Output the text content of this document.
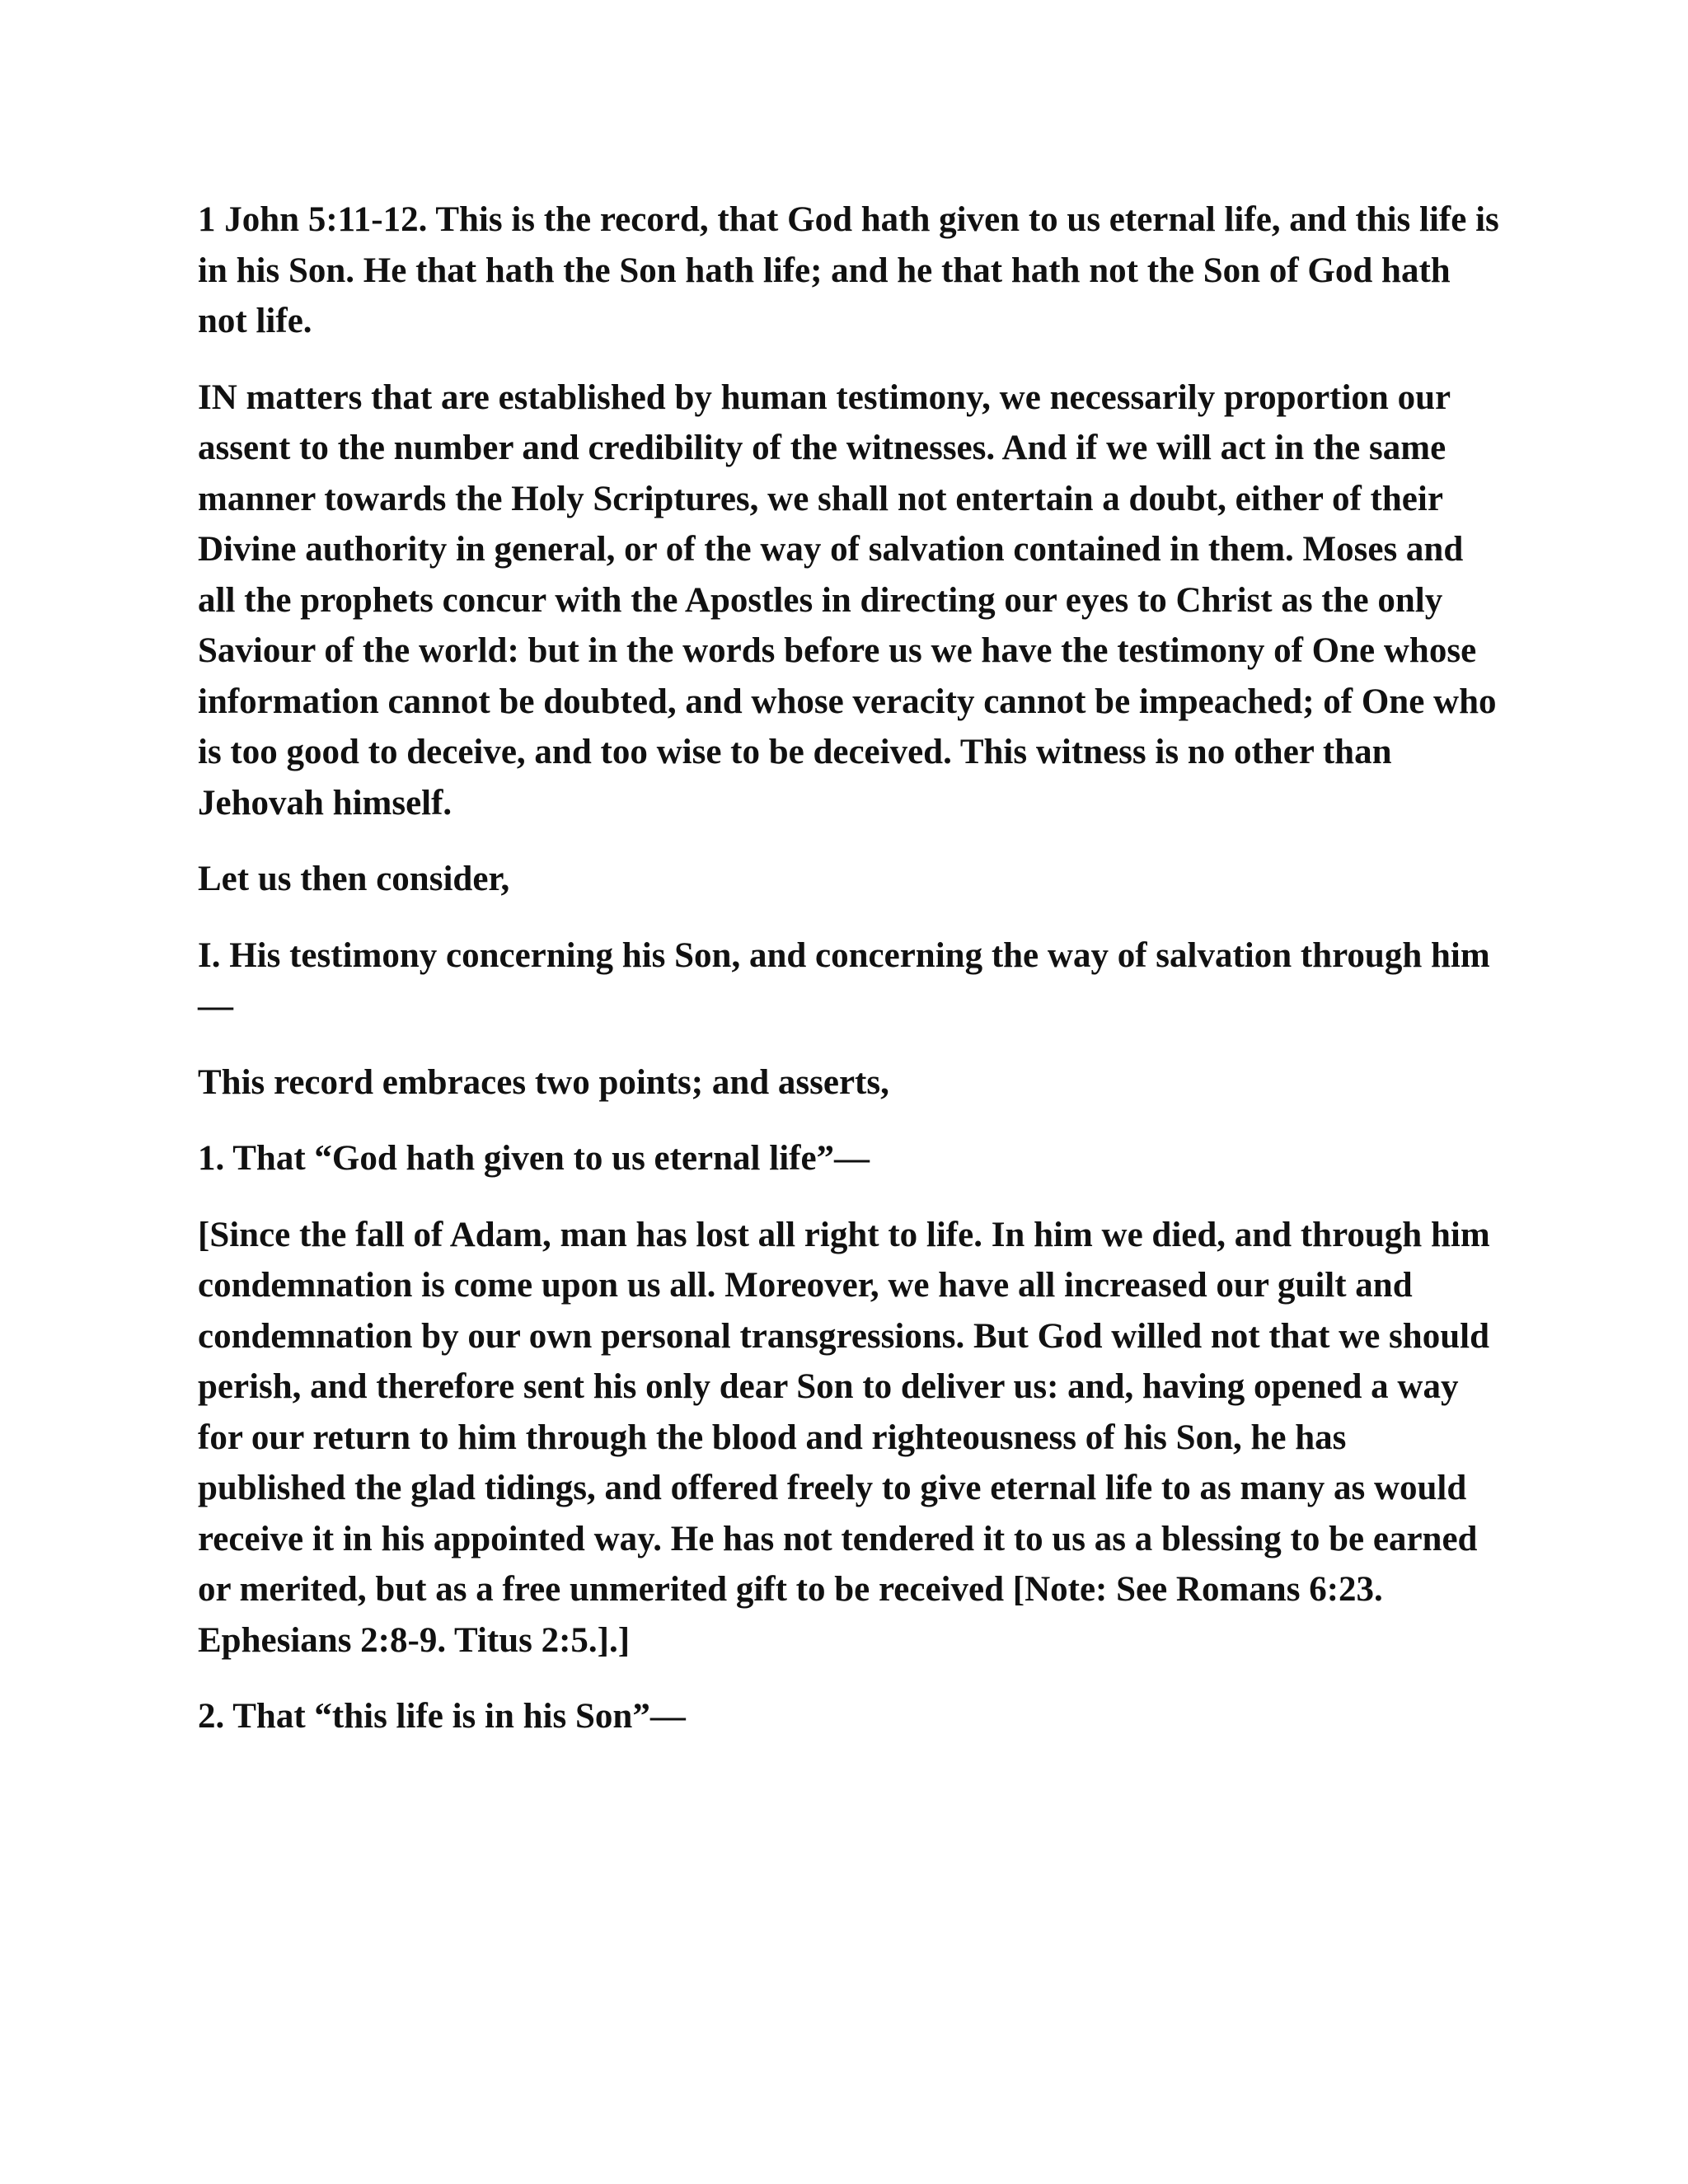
1 John 5:11-12. This is the record, that God hath given to us eternal life, and this life is in his Son. He that hath the Son hath life; and he that hath not the Son of God hath not life.

IN matters that are established by human testimony, we necessarily proportion our assent to the number and credibility of the witnesses. And if we will act in the same manner towards the Holy Scriptures, we shall not entertain a doubt, either of their Divine authority in general, or of the way of salvation contained in them. Moses and all the prophets concur with the Apostles in directing our eyes to Christ as the only Saviour of the world: but in the words before us we have the testimony of One whose information cannot be doubted, and whose veracity cannot be impeached; of One who is too good to deceive, and too wise to be deceived. This witness is no other than Jehovah himself.

Let us then consider,

I. His testimony concerning his Son, and concerning the way of salvation through him—

This record embraces two points; and asserts,

1. That “God hath given to us eternal life”—

[Since the fall of Adam, man has lost all right to life. In him we died, and through him condemnation is come upon us all. Moreover, we have all increased our guilt and condemnation by our own personal transgressions. But God willed not that we should perish, and therefore sent his only dear Son to deliver us: and, having opened a way for our return to him through the blood and righteousness of his Son, he has published the glad tidings, and offered freely to give eternal life to as many as would receive it in his appointed way. He has not tendered it to us as a blessing to be earned or merited, but as a free unmerited gift to be received [Note: See Romans 6:23. Ephesians 2:8-9. Titus 2:5.].]

2. That “this life is in his Son”—
